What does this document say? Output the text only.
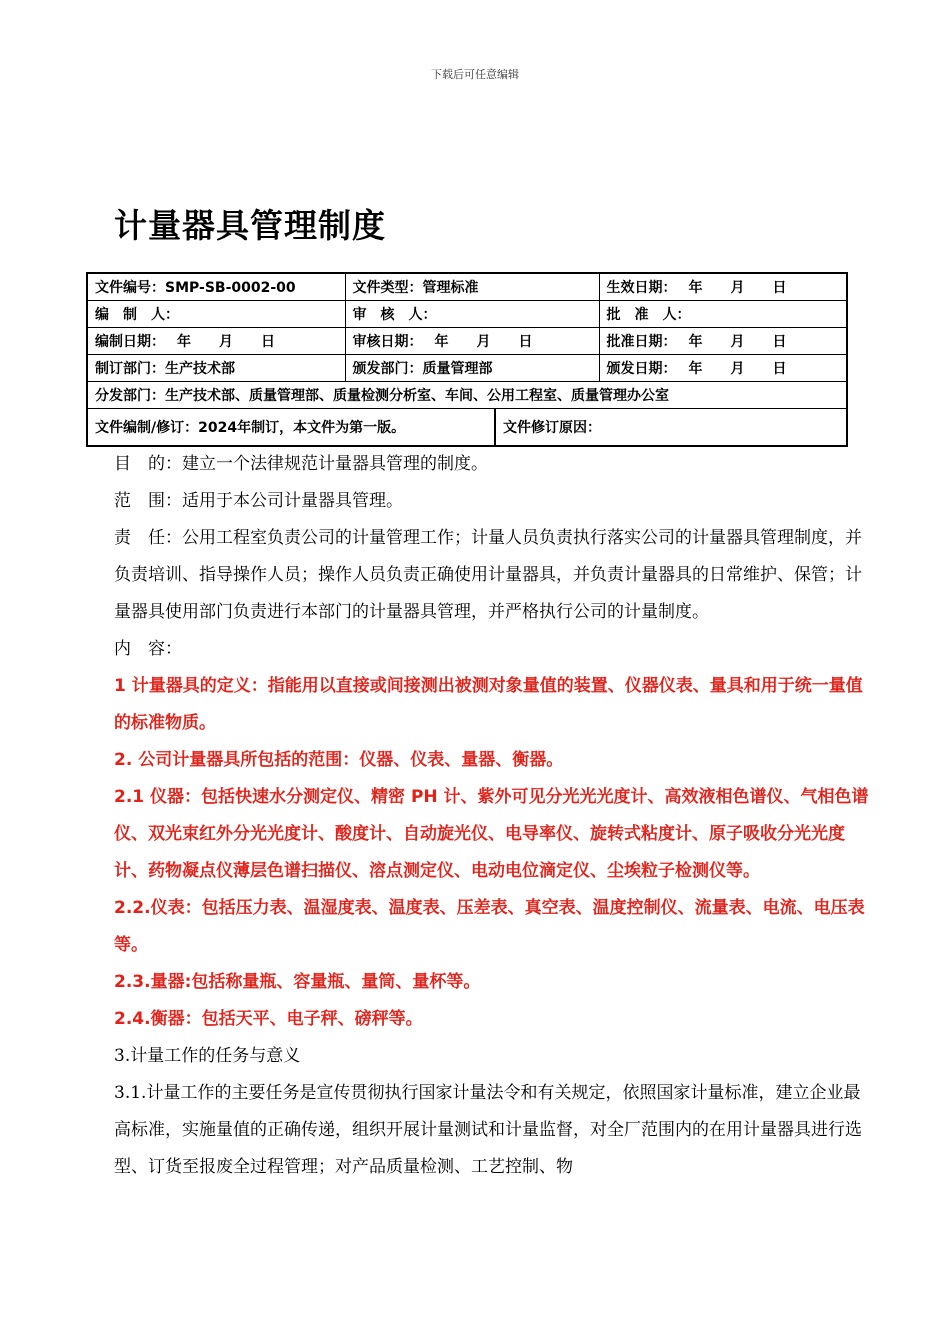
下载后可任意编辑
计量器具管理制度
文件编号：SMP-SB-0002-00	文件类型：管理标准		生效日期： 年　　月　　日
编　制　人：	审　核　人：		批　准　人：
编制日期： 年　　月　　日	审核日期： 年　　月　　日		批准日期： 年　　月　　日
制订部门：生产技术部	颁发部门：质量管理部		颁发日期： 年　　月　　日
分发部门：生产技术部、质量管理部、质量检测分析室、车间、公用工程室、质量管理办公室			
文件编制/修订：2024年制订，本文件为第一版。		文件修订原因：	

目　的：建立一个法律规范计量器具管理的制度。

范　围：适用于本公司计量器具管理。

责　任：公用工程室负责公司的计量管理工作；计量人员负责执行落实公司的计量器具管理制度，并负责培训、指导操作人员；操作人员负责正确使用计量器具，并负责计量器具的日常维护、保管；计量器具使用部门负责进行本部门的计量器具管理，并严格执行公司的计量制度。

内　容：

1 计量器具的定义：指能用以直接或间接测出被测对象量值的装置、仪器仪表、量具和用于统一量值的标准物质。

2. 公司计量器具所包括的范围：仪器、仪表、量器、衡器。

2.1 仪器：包括快速水分测定仪、精密 PH 计、紫外可见分光光光度计、高效液相色谱仪、气相色谱仪、双光束红外分光光度计、酸度计、自动旋光仪、电导率仪、旋转式粘度计、原子吸收分光光度计、药物凝点仪薄层色谱扫描仪、溶点测定仪、电动电位滴定仪、尘埃粒子检测仪等。

2.2.仪表：包括压力表、温湿度表、温度表、压差表、真空表、温度控制仪、流量表、电流、电压表等。

2.3.量器:包括称量瓶、容量瓶、量筒、量杯等。

2.4.衡器：包括天平、电子秤、磅秤等。

3.计量工作的任务与意义

3.1.计量工作的主要任务是宣传贯彻执行国家计量法令和有关规定，依照国家计量标准，建立企业最高标准，实施量值的正确传递，组织开展计量测试和计量监督，对全厂范围内的在用计量器具进行选型、订货至报废全过程管理；对产品质量检测、工艺控制、物
